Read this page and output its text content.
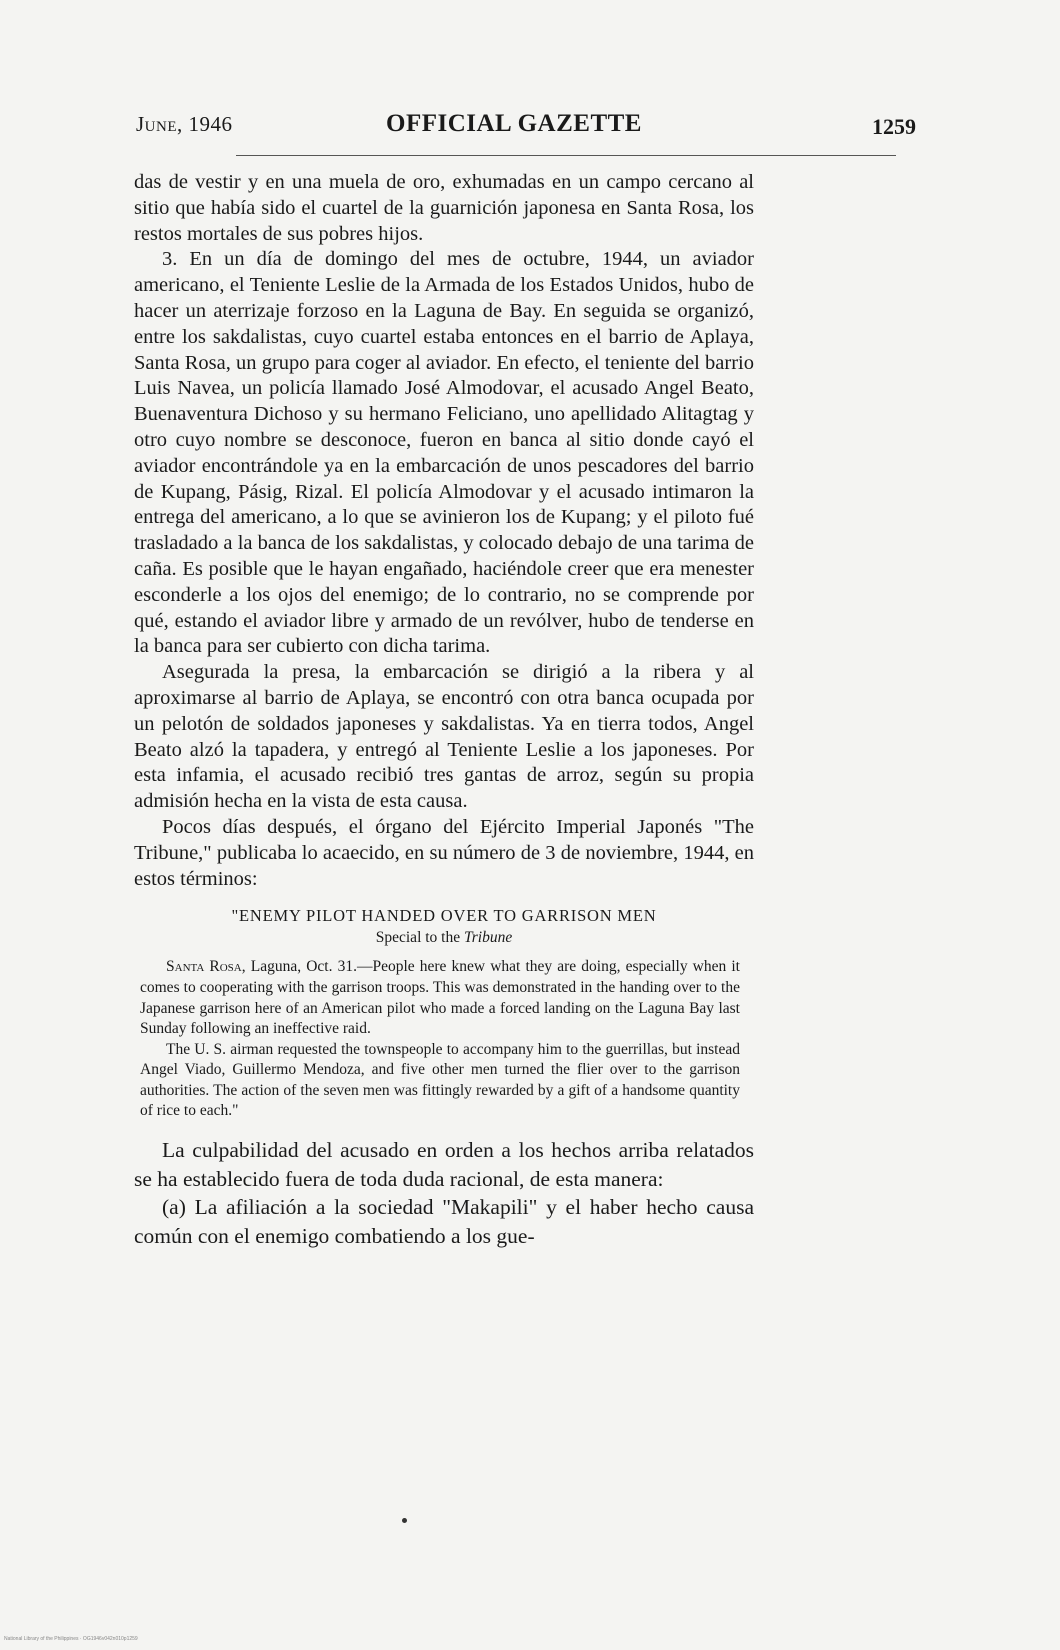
June, 1946	OFFICIAL GAZETTE	1259

das de vestir y en una muela de oro, exhumadas en un campo cercano al sitio que había sido el cuartel de la guarnición japonesa en Santa Rosa, los restos mortales de sus pobres hijos.

3. En un día de domingo del mes de octubre, 1944, un aviador americano, el Teniente Leslie de la Armada de los Estados Unidos, hubo de hacer un aterrizaje forzoso en la Laguna de Bay. En seguida se organizó, entre los sakdalistas, cuyo cuartel estaba entonces en el barrio de Aplaya, Santa Rosa, un grupo para coger al aviador. En efecto, el teniente del barrio Luis Navea, un policía llamado José Almodovar, el acusado Angel Beato, Buenaventura Dichoso y su hermano Feliciano, uno apellidado Alitagtag y otro cuyo nombre se desconoce, fueron en banca al sitio donde cayó el aviador encontrándole ya en la embarcación de unos pescadores del barrio de Kupang, Pásig, Rizal. El policía Almodovar y el acusado intimaron la entrega del americano, a lo que se avinieron los de Kupang; y el piloto fué trasladado a la banca de los sakdalistas, y colocado debajo de una tarima de caña. Es posible que le hayan engañado, haciéndole creer que era menester esconderle a los ojos del enemigo; de lo contrario, no se comprende por qué, estando el aviador libre y armado de un revólver, hubo de tenderse en la banca para ser cubierto con dicha tarima.

Asegurada la presa, la embarcación se dirigió a la ribera y al aproximarse al barrio de Aplaya, se encontró con otra banca ocupada por un pelotón de soldados japoneses y sakdalistas. Ya en tierra todos, Angel Beato alzó la tapadera, y entregó al Teniente Leslie a los japoneses. Por esta infamia, el acusado recibió tres gantas de arroz, según su propia admisión hecha en la vista de esta causa.

Pocos días después, el órgano del Ejército Imperial Japonés "The Tribune," publicaba lo acaecido, en su número de 3 de noviembre, 1944, en estos términos:

"ENEMY PILOT HANDED OVER TO GARRISON MEN
Special to the Tribune

Santa Rosa, Laguna, Oct. 31.—People here knew what they are doing, especially when it comes to cooperating with the garrison troops. This was demonstrated in the handing over to the Japanese garrison here of an American pilot who made a forced landing on the Laguna Bay last Sunday following an ineffective raid.

The U. S. airman requested the townspeople to accompany him to the guerrillas, but instead Angel Viado, Guillermo Mendoza, and five other men turned the flier over to the garrison authorities. The action of the seven men was fittingly rewarded by a gift of a handsome quantity of rice to each."

La culpabilidad del acusado en orden a los hechos arriba relatados se ha establecido fuera de toda duda racional, de esta manera:

(a) La afiliación a la sociedad "Makapili" y el haber hecho causa común con el enemigo combatiendo a los gue-

National Library of the Philippines · OG1946v042n010p1259
